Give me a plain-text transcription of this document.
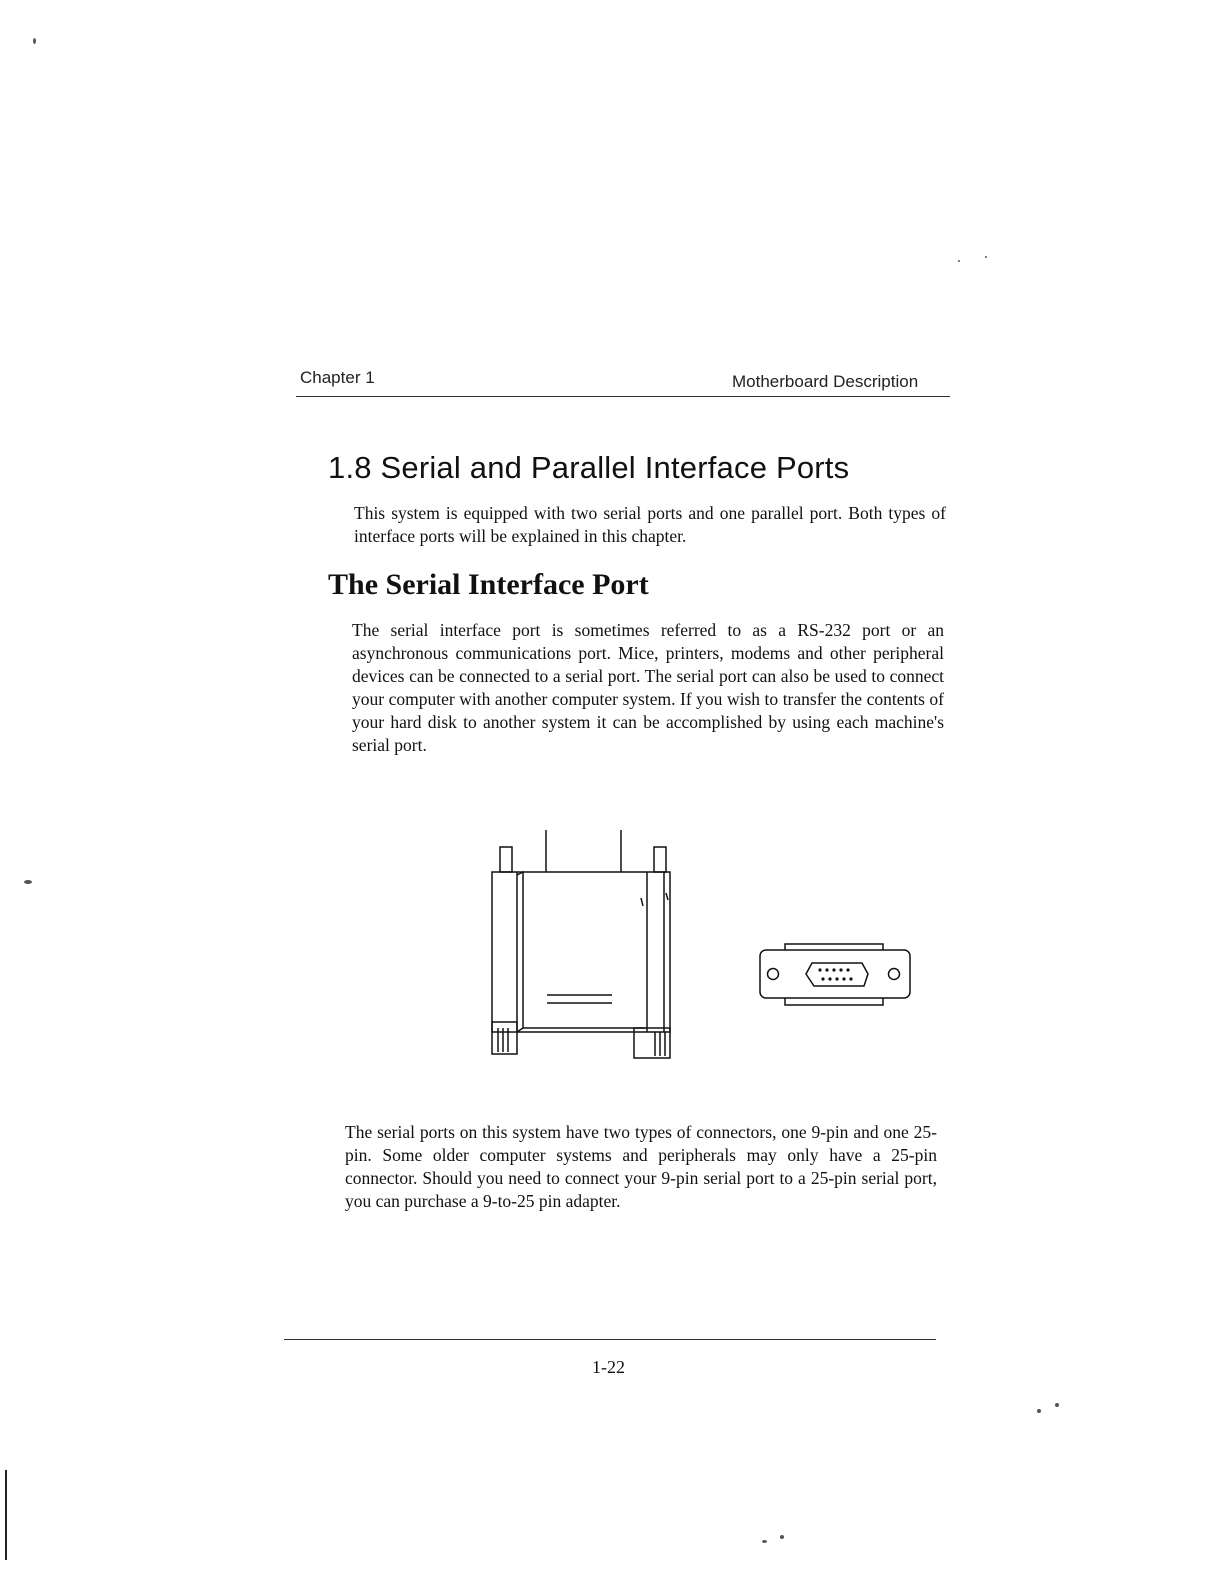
Chapter 1	Motherboard Description
1.8 Serial and Parallel Interface Ports

This system is equipped with two serial ports and one parallel port. Both types of interface ports will be explained in this chapter.

The Serial Interface Port

The serial interface port is sometimes referred to as a RS-232 port or an asynchronous communications port. Mice, printers, modems and other peripheral devices can be connected to a serial port. The serial port can also be used to connect your computer with another computer system. If you wish to transfer the contents of your hard disk to another system it can be accomplished by using each machine's serial port.

The serial ports on this system have two types of connectors, one 9-pin and one 25-pin. Some older computer systems and peripherals may only have a 25-pin connector. Should you need to connect your 9-pin serial port to a 25-pin serial port, you can purchase a 9-to-25 pin adapter.

1-22
